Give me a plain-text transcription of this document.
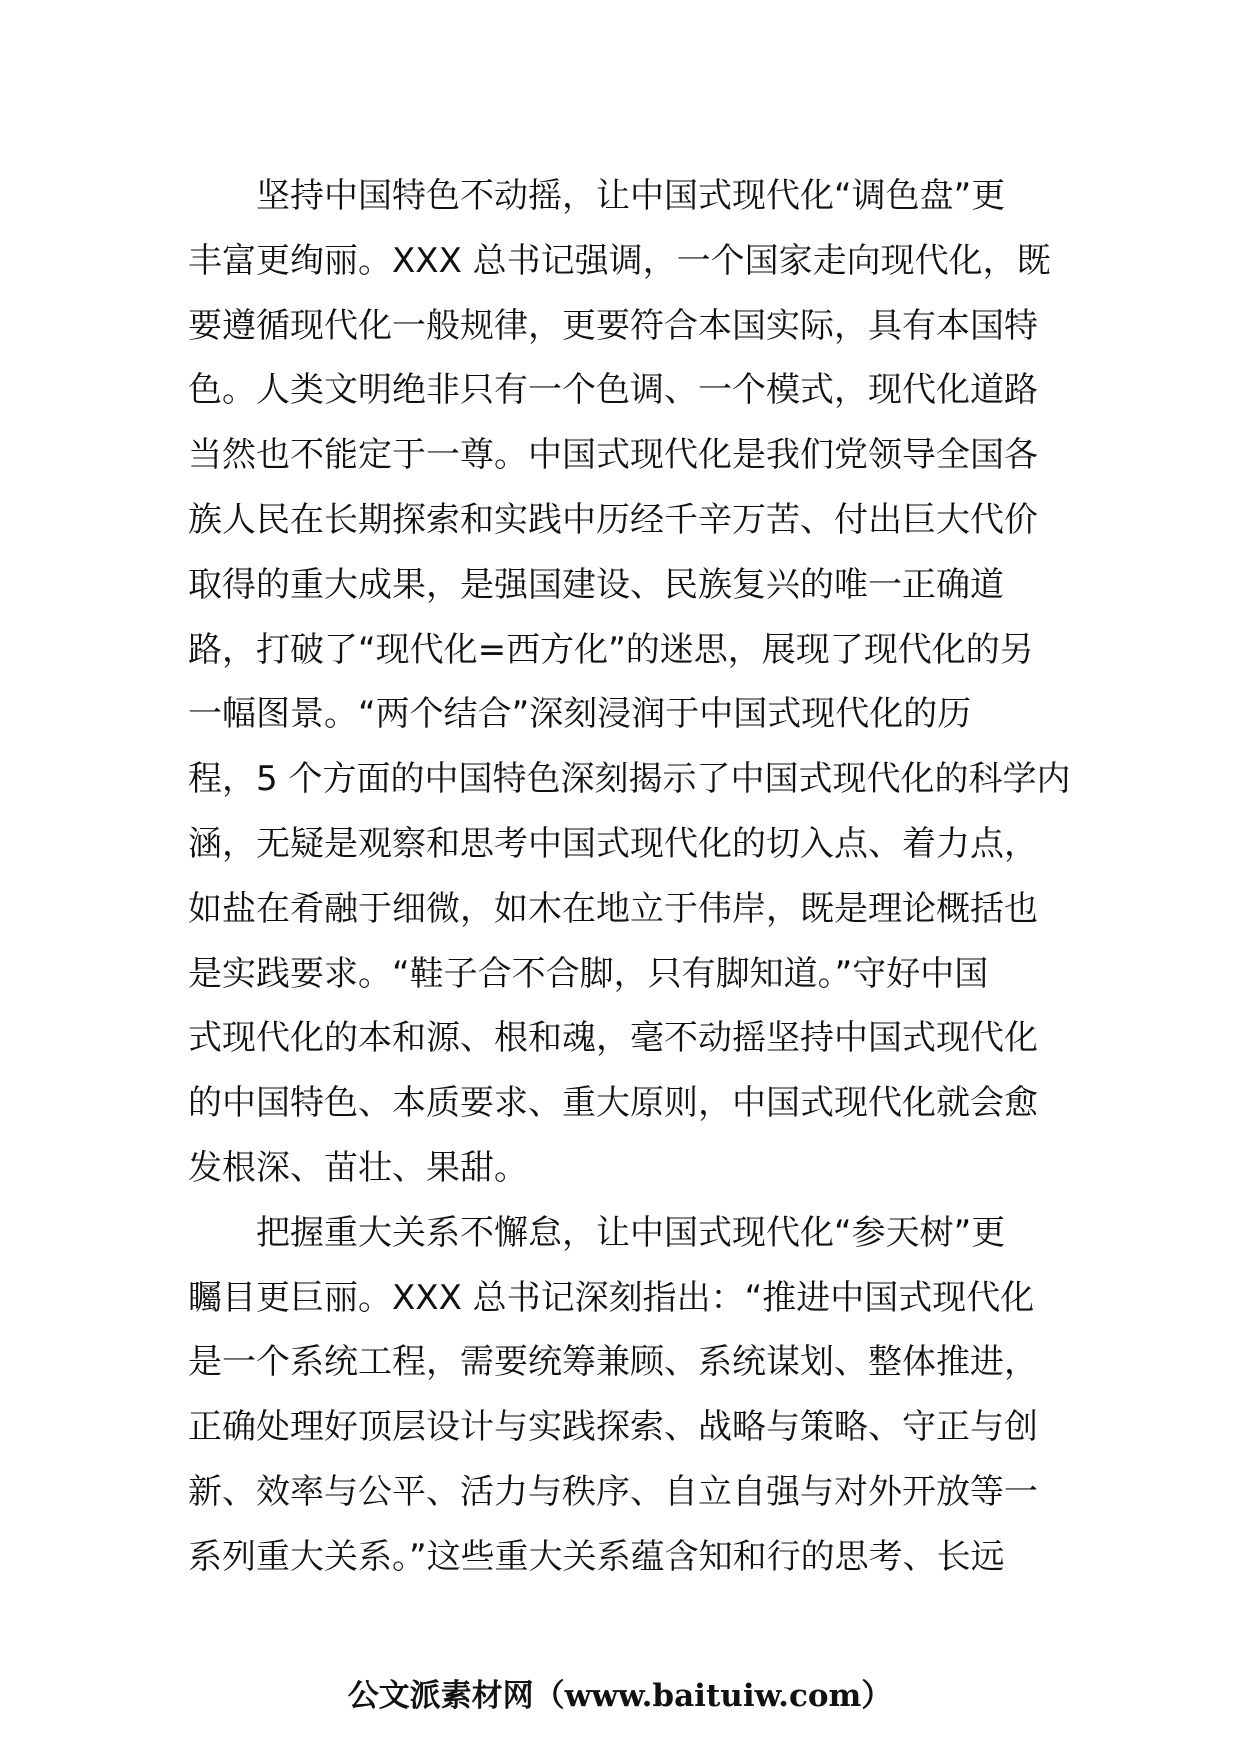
坚持中国特色不动摇，让中国式现代化“调色盘”更
丰富更绚丽。XXX 总书记强调，一个国家走向现代化，既
要遵循现代化一般规律，更要符合本国实际，具有本国特
色。人类文明绝非只有一个色调、一个模式，现代化道路
当然也不能定于一尊。中国式现代化是我们党领导全国各
族人民在长期探索和实践中历经千辛万苦、付出巨大代价
取得的重大成果，是强国建设、民族复兴的唯一正确道
路，打破了“现代化=西方化”的迷思，展现了现代化的另
一幅图景。“两个结合”深刻浸润于中国式现代化的历
程，5 个方面的中国特色深刻揭示了中国式现代化的科学内
涵，无疑是观察和思考中国式现代化的切入点、着力点，
如盐在肴融于细微，如木在地立于伟岸，既是理论概括也
是实践要求。“鞋子合不合脚，只有脚知道。”守好中国
式现代化的本和源、根和魂，毫不动摇坚持中国式现代化
的中国特色、本质要求、重大原则，中国式现代化就会愈
发根深、苗壮、果甜。
把握重大关系不懈怠，让中国式现代化“参天树”更
矚目更巨丽。XXX 总书记深刻指出：“推进中国式现代化
是一个系统工程，需要统筹兼顾、系统谋划、整体推进，
正确处理好顶层设计与实践探索、战略与策略、守正与创
新、效率与公平、活力与秩序、自立自强与对外开放等一
系列重大关系。”这些重大关系蕴含知和行的思考、长远
公文派素材网（www.baituiw.com）
